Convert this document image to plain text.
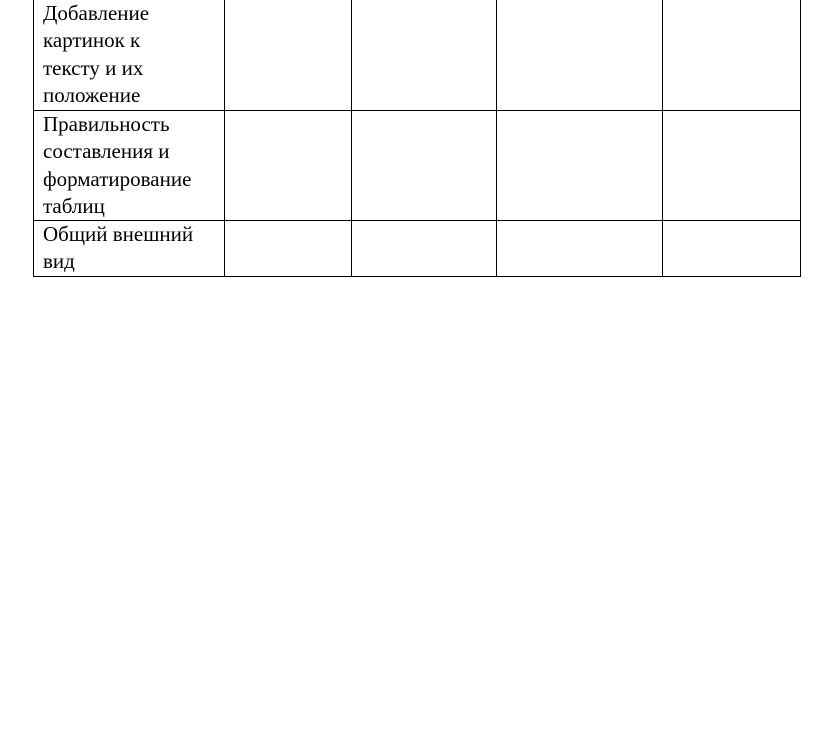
Добавление
картинок к
тексту и их
положение				

Правильность
составления и
форматирование
таблиц				

Общий внешний
вид				
